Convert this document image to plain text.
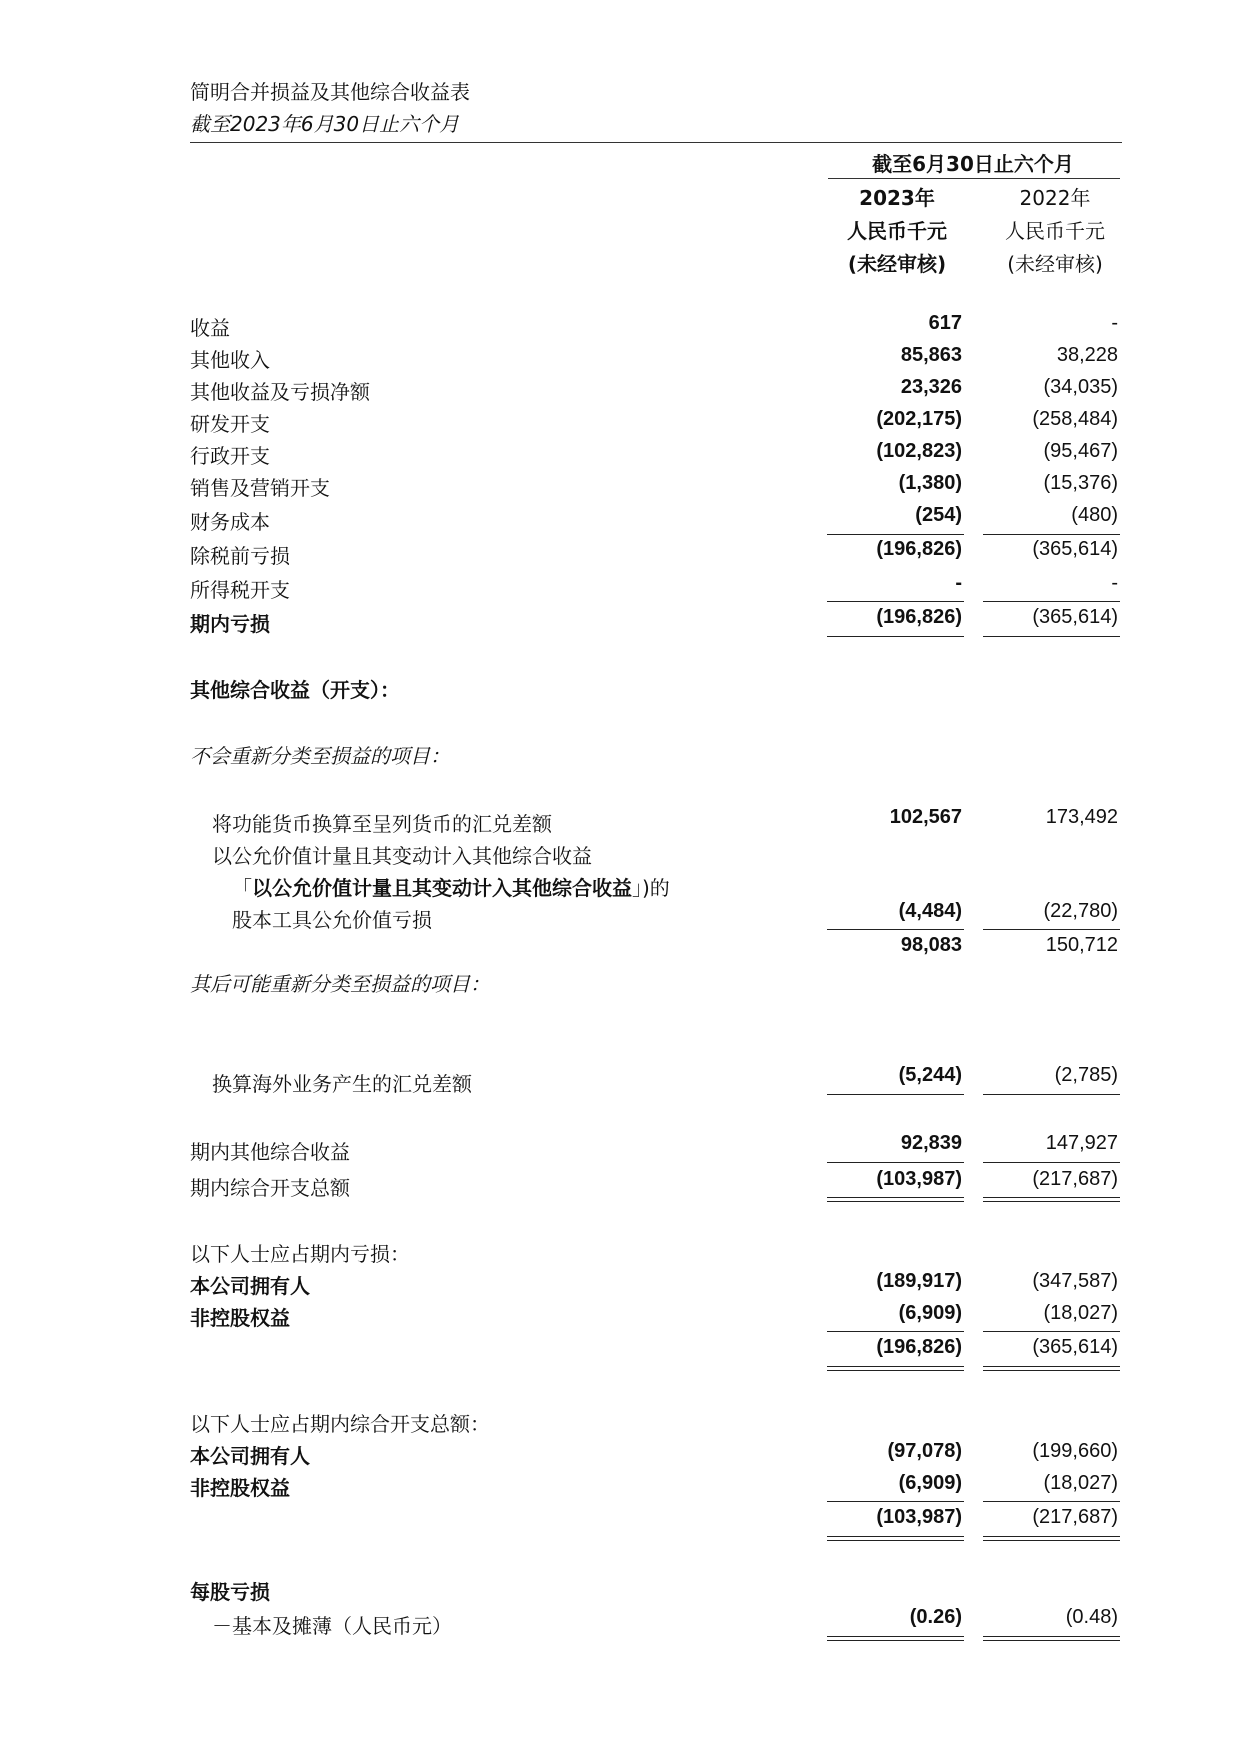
简明合并损益及其他综合收益表
截至2023年6月30日止六个月
截至6月30日止六个月
2023年	2022年
人民币千元	人民币千元
(未经审核)	(未经审核)
收益	617	-
其他收入	85,863	38,228
其他收益及亏损净额	23,326	(34,035)
研发开支	(202,175)	(258,484)
行政开支	(102,823)	(95,467)
销售及营销开支	(1,380)	(15,376)
财务成本	(254)	(480)
除税前亏损	(196,826)	(365,614)
所得税开支	-	-
期内亏损	(196,826)	(365,614)
其他综合收益（开支）：
不会重新分类至损益的项目：
将功能货币换算至呈列货币的汇兑差额	102,567	173,492
以公允价值计量且其变动计入其他综合收益
「以公允价值计量且其变动计入其他综合收益」)的
股本工具公允价值亏损	(4,484)	(22,780)
98,083	150,712
其后可能重新分类至损益的项目：
换算海外业务产生的汇兑差额	(5,244)	(2,785)
期内其他综合收益	92,839	147,927
期内综合开支总额	(103,987)	(217,687)
以下人士应占期内亏损：
本公司拥有人	(189,917)	(347,587)
非控股权益	(6,909)	(18,027)
(196,826)	(365,614)
以下人士应占期内综合开支总额：
本公司拥有人	(97,078)	(199,660)
非控股权益	(6,909)	(18,027)
(103,987)	(217,687)
每股亏损
－基本及摊薄（人民币元）	(0.26)	(0.48)
